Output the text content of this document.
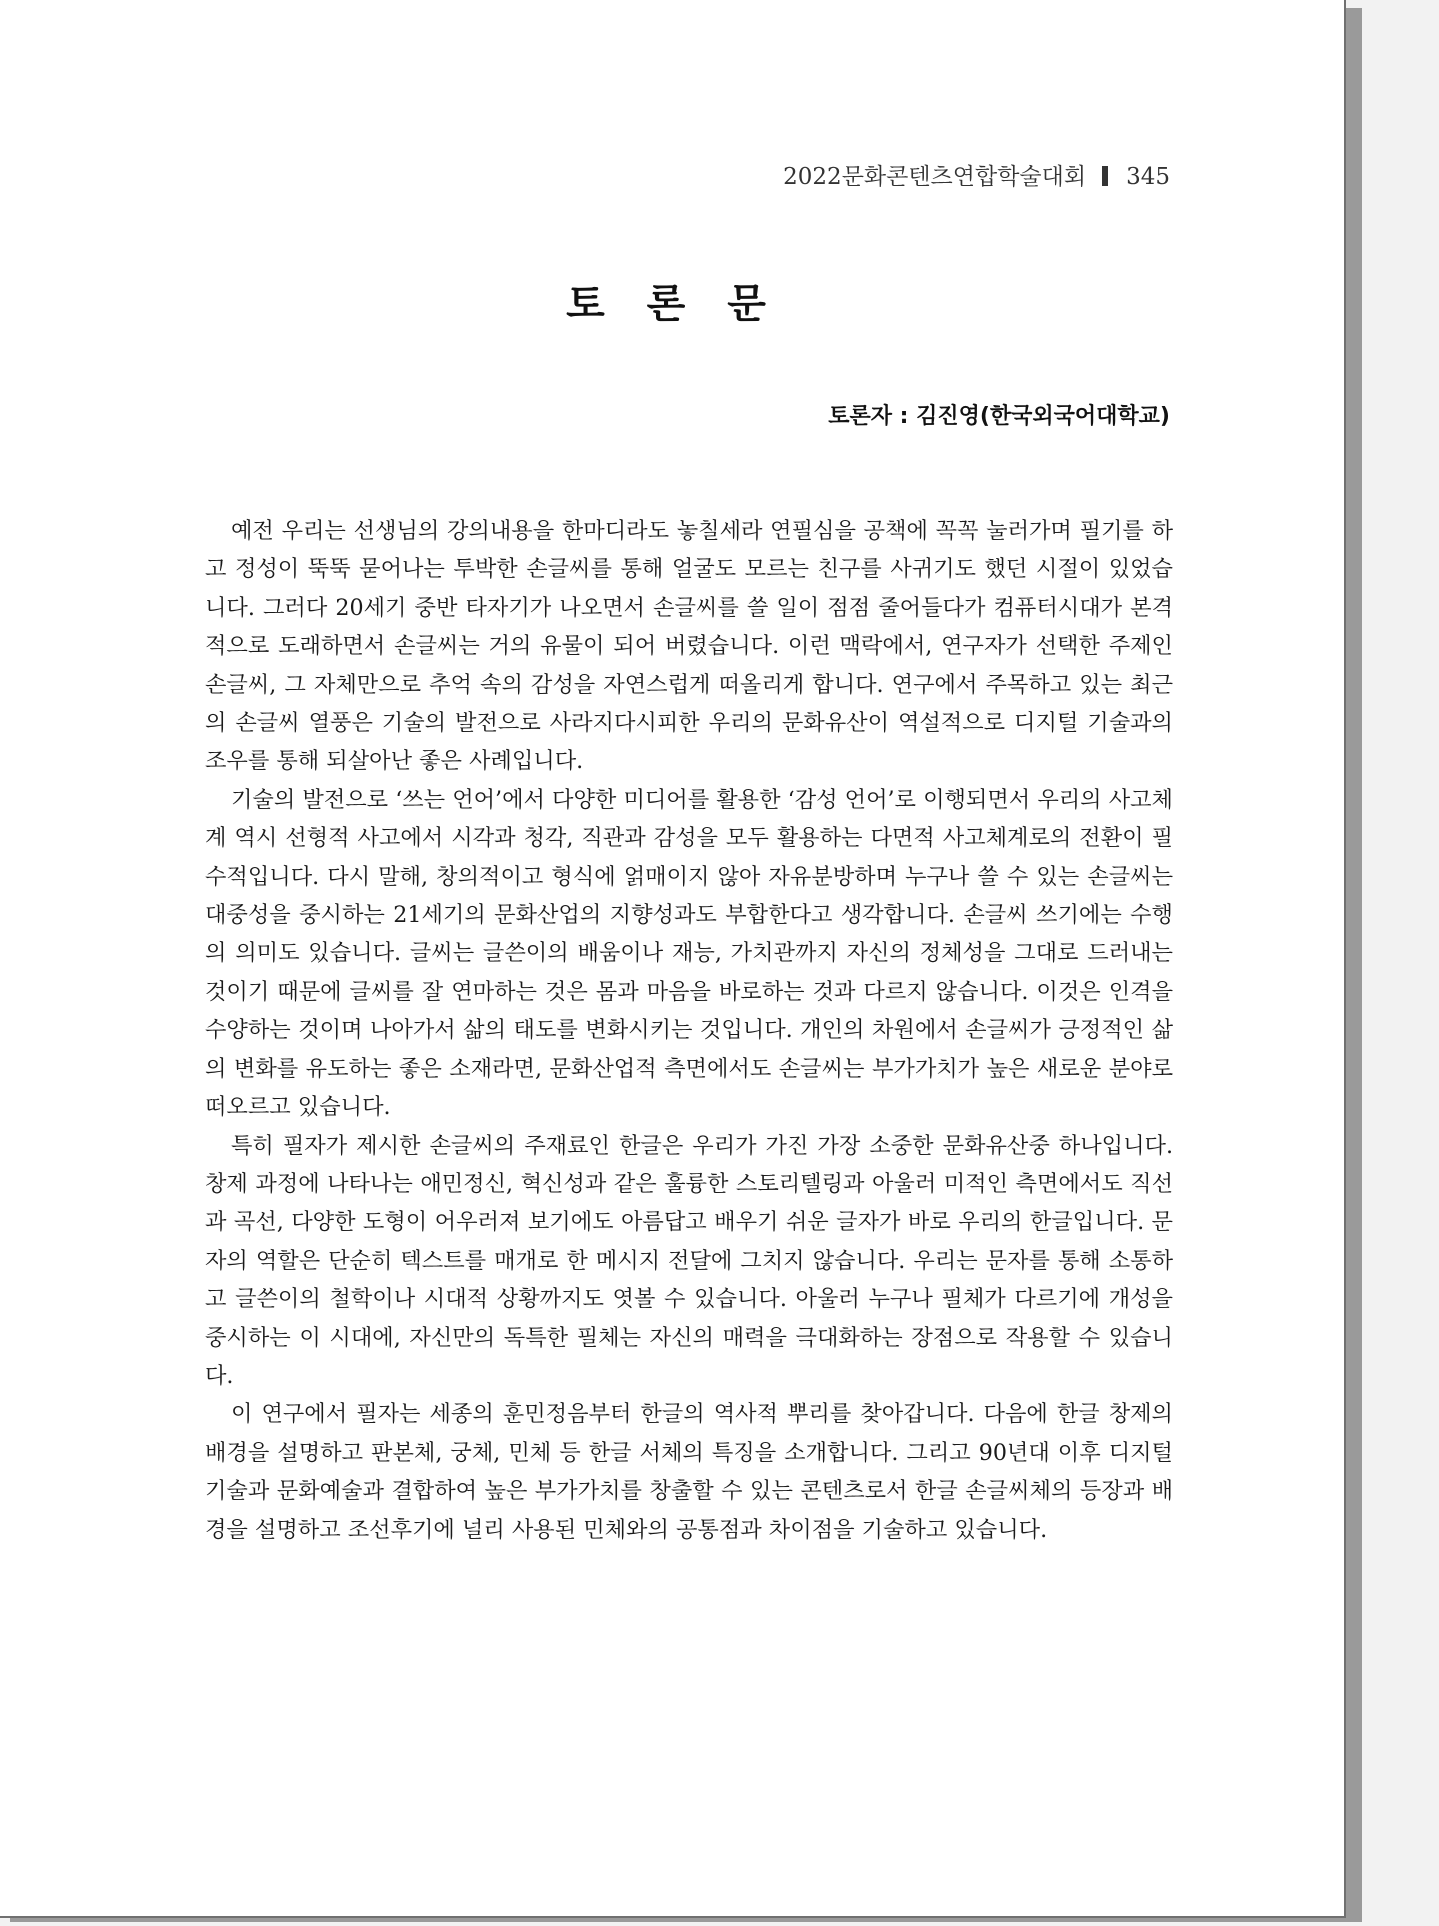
2022문화콘텐츠연합학술대회 345
토 론 문
토론자 : 김진영(한국외국어대학교)

예전 우리는 선생님의 강의내용을 한마디라도 놓칠세라 연필심을 공책에 꼭꼭 눌러가며 필기를 하고 정성이 뚝뚝 묻어나는 투박한 손글씨를 통해 얼굴도 모르는 친구를 사귀기도 했던 시절이 있었습니다. 그러다 20세기 중반 타자기가 나오면서 손글씨를 쓸 일이 점점 줄어들다가 컴퓨터시대가 본격적으로 도래하면서 손글씨는 거의 유물이 되어 버렸습니다. 이런 맥락에서, 연구자가 선택한 주제인 손글씨, 그 자체만으로 추억 속의 감성을 자연스럽게 떠올리게 합니다. 연구에서 주목하고 있는 최근의 손글씨 열풍은 기술의 발전으로 사라지다시피한 우리의 문화유산이 역설적으로 디지털 기술과의 조우를 통해 되살아난 좋은 사례입니다.

기술의 발전으로 ‘쓰는 언어’에서 다양한 미디어를 활용한 ‘감성 언어’로 이행되면서 우리의 사고체계 역시 선형적 사고에서 시각과 청각, 직관과 감성을 모두 활용하는 다면적 사고체계로의 전환이 필수적입니다. 다시 말해, 창의적이고 형식에 얽매이지 않아 자유분방하며 누구나 쓸 수 있는 손글씨는 대중성을 중시하는 21세기의 문화산업의 지향성과도 부합한다고 생각합니다. 손글씨 쓰기에는 수행의 의미도 있습니다. 글씨는 글쓴이의 배움이나 재능, 가치관까지 자신의 정체성을 그대로 드러내는 것이기 때문에 글씨를 잘 연마하는 것은 몸과 마음을 바로하는 것과 다르지 않습니다. 이것은 인격을 수양하는 것이며 나아가서 삶의 태도를 변화시키는 것입니다. 개인의 차원에서 손글씨가 긍정적인 삶의 변화를 유도하는 좋은 소재라면, 문화산업적 측면에서도 손글씨는 부가가치가 높은 새로운 분야로 떠오르고 있습니다.

특히 필자가 제시한 손글씨의 주재료인 한글은 우리가 가진 가장 소중한 문화유산중 하나입니다. 창제 과정에 나타나는 애민정신, 혁신성과 같은 훌륭한 스토리텔링과 아울러 미적인 측면에서도 직선과 곡선, 다양한 도형이 어우러져 보기에도 아름답고 배우기 쉬운 글자가 바로 우리의 한글입니다. 문자의 역할은 단순히 텍스트를 매개로 한 메시지 전달에 그치지 않습니다. 우리는 문자를 통해 소통하고 글쓴이의 철학이나 시대적 상황까지도 엿볼 수 있습니다. 아울러 누구나 필체가 다르기에 개성을 중시하는 이 시대에, 자신만의 독특한 필체는 자신의 매력을 극대화하는 장점으로 작용할 수 있습니다.

이 연구에서 필자는 세종의 훈민정음부터 한글의 역사적 뿌리를 찾아갑니다. 다음에 한글 창제의 배경을 설명하고 판본체, 궁체, 민체 등 한글 서체의 특징을 소개합니다. 그리고 90년대 이후 디지털 기술과 문화예술과 결합하여 높은 부가가치를 창출할 수 있는 콘텐츠로서 한글 손글씨체의 등장과 배경을 설명하고 조선후기에 널리 사용된 민체와의 공통점과 차이점을 기술하고 있습니다.
